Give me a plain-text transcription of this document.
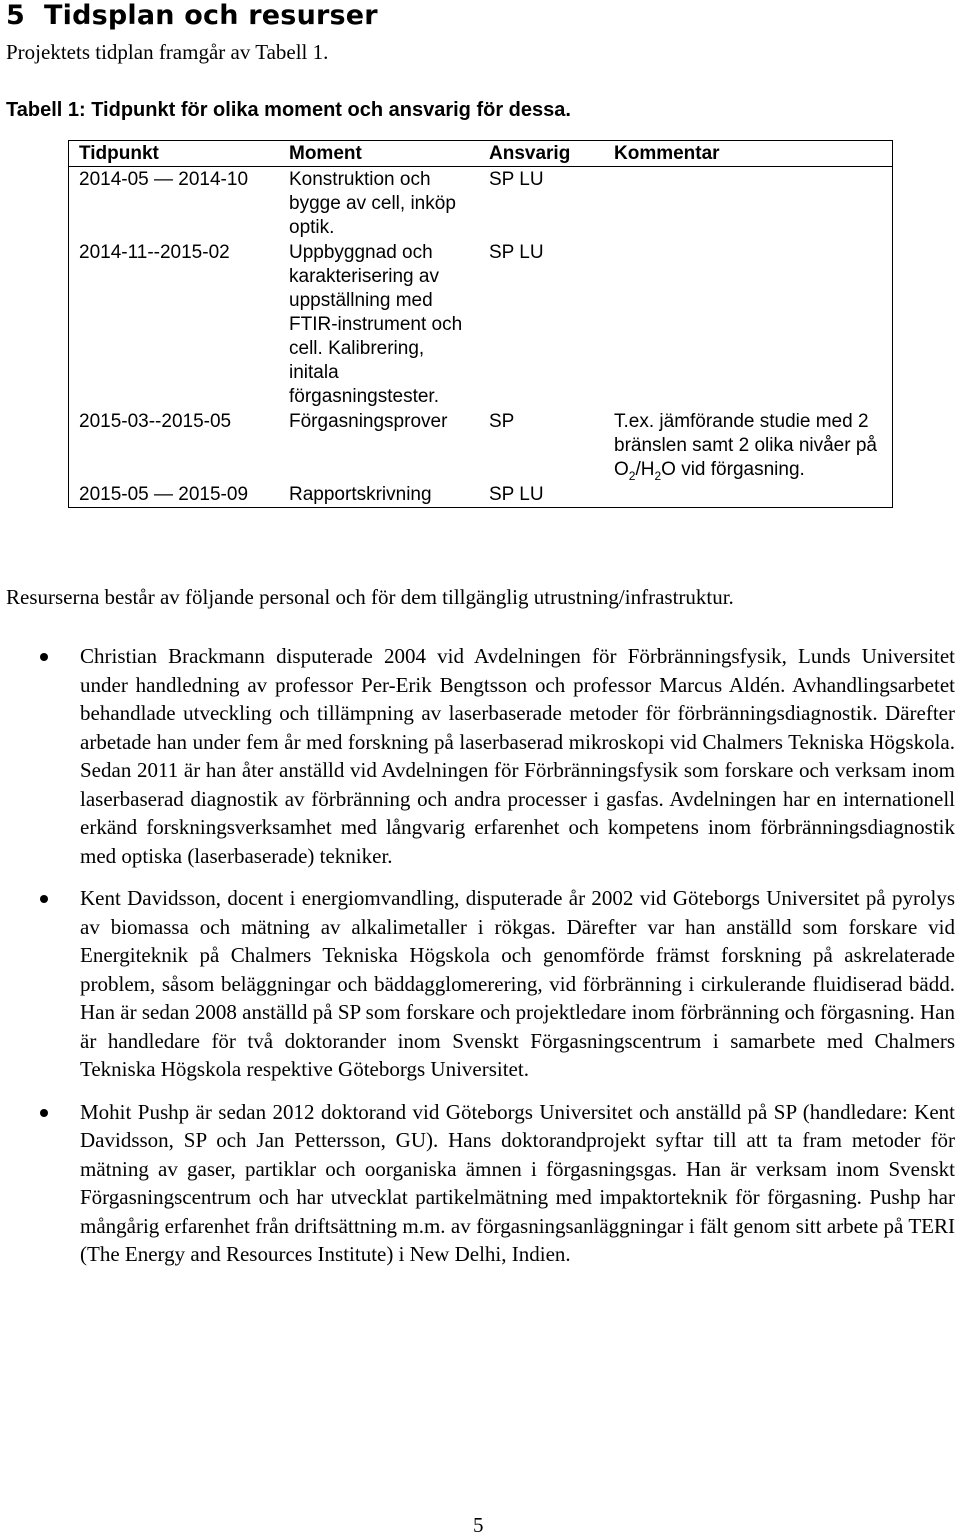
5 Tidsplan och resurser
Projektets tidplan framgår av Tabell 1.
Tabell 1: Tidpunkt för olika moment och ansvarig för dessa.
Tidpunkt	Moment	Ansvarig	Kommentar
2014-05 — 2014-10	Konstruktion och bygge av cell, inköp optik.	SP LU	
2014-11--2015-02	Uppbyggnad och karakterisering av uppställning med FTIR-instrument och cell. Kalibrering, initala förgasningstester.	SP LU	
2015-03--2015-05	Förgasningsprover	SP	T.ex. jämförande studie med 2 bränslen samt 2 olika nivåer på $O_2/H_2O$ vid förgasning.
2015-05 — 2015-09	Rapportskrivning	SP LU	
Resurserna består av följande personal och för dem tillgänglig utrustning/infrastruktur.
Christian Brackmann disputerade 2004 vid Avdelningen för Förbränningsfysik, Lunds Universitet under handledning av professor Per-Erik Bengtsson och professor Marcus Aldén. Avhandlingsarbetet behandlade utveckling och tillämpning av laserbaserade metoder för förbränningsdiagnostik. Därefter arbetade han under fem år med forskning på laserbaserad mikroskopi vid Chalmers Tekniska Högskola. Sedan 2011 är han åter anställd vid Avdelningen för Förbränningsfysik som forskare och verksam inom laserbaserad diagnostik av förbränning och andra processer i gasfas. Avdelningen har en internationell erkänd forskningsverksamhet med långvarig erfarenhet och kompetens inom förbränningsdiagnostik med optiska (laserbaserade) tekniker.
Kent Davidsson, docent i energiomvandling, disputerade år 2002 vid Göteborgs Universitet på pyrolys av biomassa och mätning av alkalimetaller i rökgas. Därefter var han anställd som forskare vid Energiteknik på Chalmers Tekniska Högskola och genomförde främst forskning på askrelaterade problem, såsom beläggningar och bäddagglomerering, vid förbränning i cirkulerande fluidiserad bädd. Han är sedan 2008 anställd på SP som forskare och projektledare inom förbränning och förgasning. Han är handledare för två doktorander inom Svenskt Förgasningscentrum i samarbete med Chalmers Tekniska Högskola respektive Göteborgs Universitet.
Mohit Pushp är sedan 2012 doktorand vid Göteborgs Universitet och anställd på SP (handledare: Kent Davidsson, SP och Jan Pettersson, GU). Hans doktorandprojekt syftar till att ta fram metoder för mätning av gaser, partiklar och oorganiska ämnen i förgasningsgas. Han är verksam inom Svenskt Förgasningscentrum och har utvecklat partikelmätning med impaktorteknik för förgasning. Pushp har mångårig erfarenhet från driftsättning m.m. av förgasningsanläggningar i fält genom sitt arbete på TERI (The Energy and Resources Institute) i New Delhi, Indien.
5
